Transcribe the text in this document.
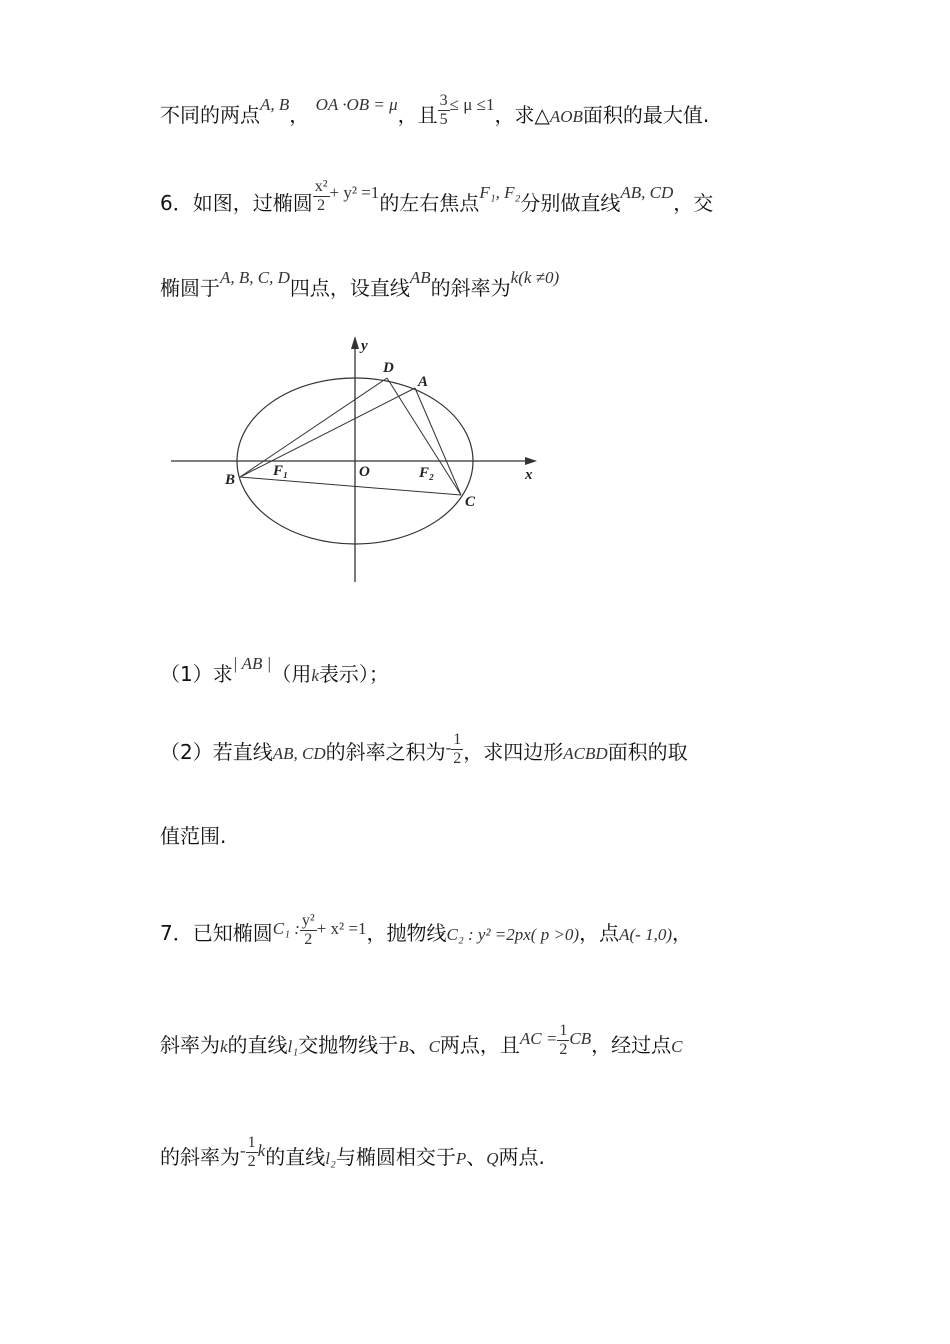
不同的两点$^{A, B}$， $^{OA \cdot OB = \mu}$，且 $\frac{3}{5} ^{\le \mu \le 1}$，求△AOB面积的最大值.
6．如图，过椭圆 $\frac{\text{x²}}{2} ^{+ y^2 =1}$的左右焦点$^{F_1, F_2}$分别做直线$^{AB, CD}$，交
椭圆于$^{A, B, C, D}$四点，设直线$^{AB}$的斜率为$^{k(k \ne 0)}$
y
x
O
D
A
B
C
F₁	F₂
（1）求$^{| AB |}$（用k表示）；
（2）若直线AB, CD的斜率之积为$^- \frac{1}{2}$ ，求四边形ACBD面积的取
值范围.
7．已知椭圆$^{C_1 :} \frac{\text{y²}}{2} ^{+ x^2 =1}$，抛物线C₂ : y² =2px( p >0)，点A(- 1,0)，
斜率为k的直线l₁交抛物线于B、C两点，且$^{AC =} \frac{1}{2} ^{CB}$，经过点C
的斜率为$^- \frac{1}{2} ^k$的直线l₂与椭圆相交于P、Q两点.
